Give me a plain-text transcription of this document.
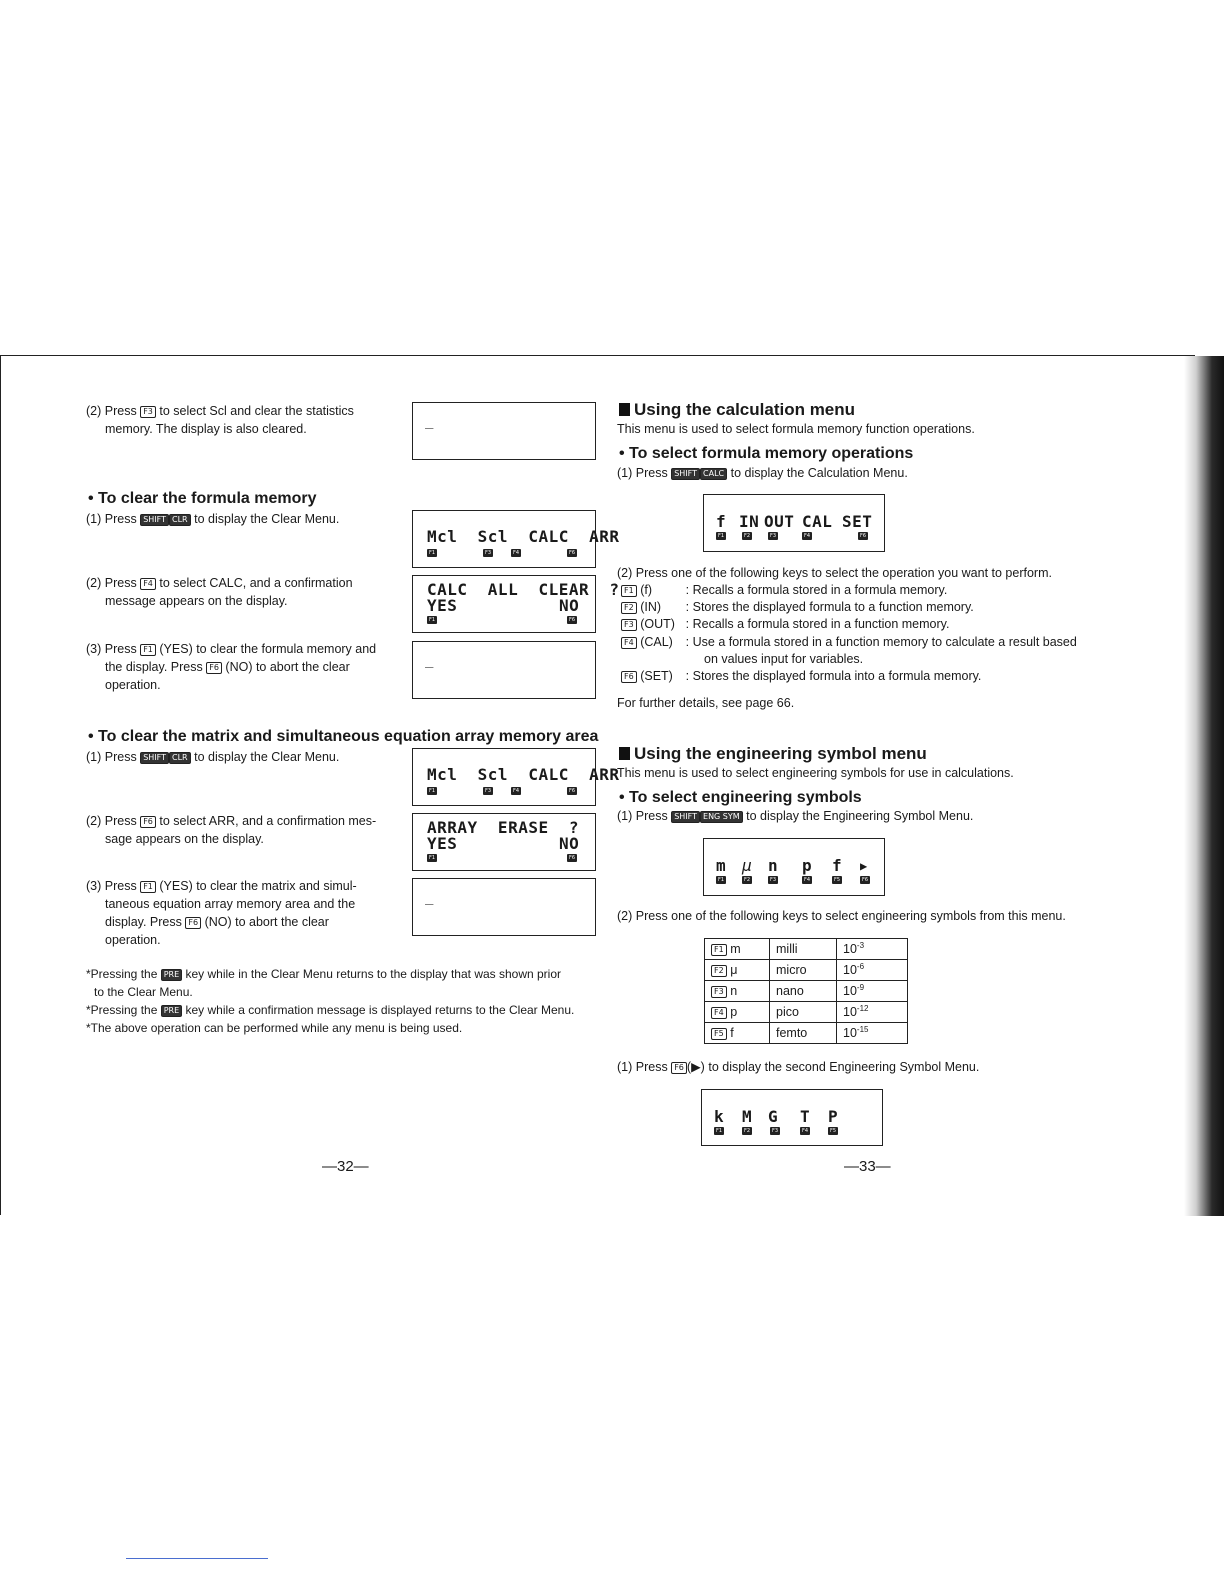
(2) Press F3 to select Scl and clear the statistics
memory. The display is also cleared.	_
• To clear the formula memory
(1) Press SHIFT CLR to display the Clear Menu.
Mcl  Scl  CALC  ARR
F1	F3	F4	F6
(2) Press F4 to select CALC, and a confirmation
message appears on the display.
CALC  ALL  CLEAR  ?
YES	NO
F1	F6
(3) Press F1 (YES) to clear the formula memory and
the display. Press F6 (NO) to abort the clear
operation.
_
• To clear the matrix and simultaneous equation array memory area
(1) Press SHIFT CLR to display the Clear Menu.
Mcl  Scl  CALC  ARR
F1	F3	F4	F6
(2) Press F6 to select ARR, and a confirmation mes-
sage appears on the display.
ARRAY  ERASE  ?
YES	NO
F1	F6
(3) Press F1 (YES) to clear the matrix and simul-
taneous equation array memory area and the
display. Press F6 (NO) to abort the clear
operation.
_
*Pressing the PRE key while in the Clear Menu returns to the display that was shown prior
to the Clear Menu.
*Pressing the PRE key while a confirmation message is displayed returns to the Clear Menu.
*The above operation can be performed while any menu is being used.
—32—
Using the calculation menu
This menu is used to select formula memory function operations.
• To select formula memory operations
(1) Press SHIFT CALC to display the Calculation Menu.
f IN OUT CAL SET
F1	F2	F3	F4	F6
(2) Press one of the following keys to select the operation you want to perform.
F1 (f)	: Recalls a formula stored in a formula memory.
F2 (IN) : Stores the displayed formula to a function memory.
F3 (OUT) : Recalls a formula stored in a function memory.
F4 (CAL) : Use a formula stored in a function memory to calculate a result based
on values input for variables.
F6 (SET) : Stores the displayed formula into a formula memory.
For further details, see page 66.
Using the engineering symbol menu
This menu is used to select engineering symbols for use in calculations.
• To select engineering symbols
(1) Press SHIFT ENG SYM to display the Engineering Symbol Menu.
m μ n p f ▶
F1	F2	F3	F4	F5	F6
(2) Press one of the following keys to select engineering symbols from this menu.
F1 m	milli	$10^{-3}$
F2 μ	micro	$10^{-6}$
F3 n	nano	$10^{-9}$
F4 p	pico	$10^{-12}$
F5 f	femto	$10^{-15}$
(1) Press F6 (▶) to display the second Engineering Symbol Menu.
k M G T P
F1	F2	F3	F4	F5
—33—
